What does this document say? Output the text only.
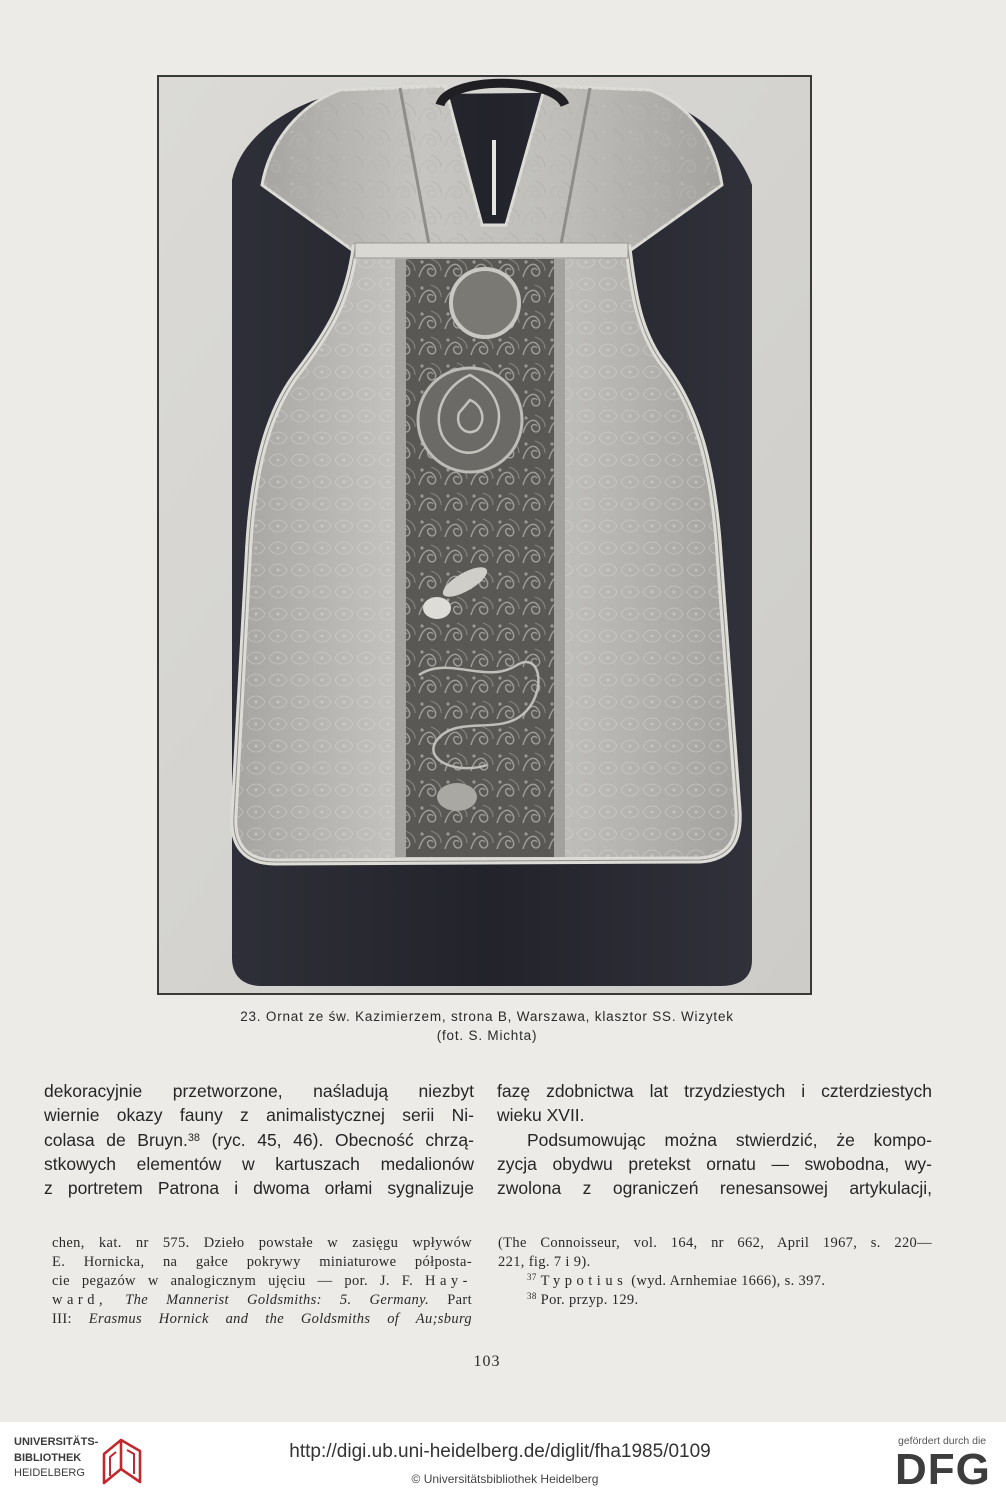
23. Ornat ze św. Kazimierzem, strona B, Warszawa, klasztor SS. Wizytek
(fot. S. Michta)
dekoracyjnie przetworzone, naśladują niezbyt
wiernie okazy fauny z animalistycznej serii Ni-
colasa de Bruyn.$^{38}$ (ryc. 45, 46). Obecność chrzą-
stkowych elementów w kartuszach medalionów
z portretem Patrona i dwoma orłami sygnalizuje
fazę zdobnictwa lat trzydziestych i czterdziestych
wieku XVII.
Podsumowując można stwierdzić, że kompo-
zycja obydwu pretekst ornatu — swobodna, wy-
zwolona z ograniczeń renesansowej artykulacji,
chen, kat. nr 575. Dzieło powstałe w zasięgu wpływów
E. Hornicka, na gałce pokrywy miniaturowe półposta-
cie pegazów w analogicznym ujęciu — por. J. F. Hay-
ward, The Mannerist Goldsmiths: 5. Germany. Part
III: Erasmus Hornick and the Goldsmiths of Au;sburg
(The Connoisseur, vol. 164, nr 662, April 1967, s. 220—
221, fig. 7 i 9).
$^{37}$ Typotius (wyd. Arnhemiae 1666), s. 397.
$^{38}$ Por. przyp. 129.
103
UNIVERSITÄTS-
BIBLIOTHEK
HEIDELBERG
http://digi.ub.uni-heidelberg.de/diglit/fha1985/0109
© Universitätsbibliothek Heidelberg
gefördert durch die
DFG
